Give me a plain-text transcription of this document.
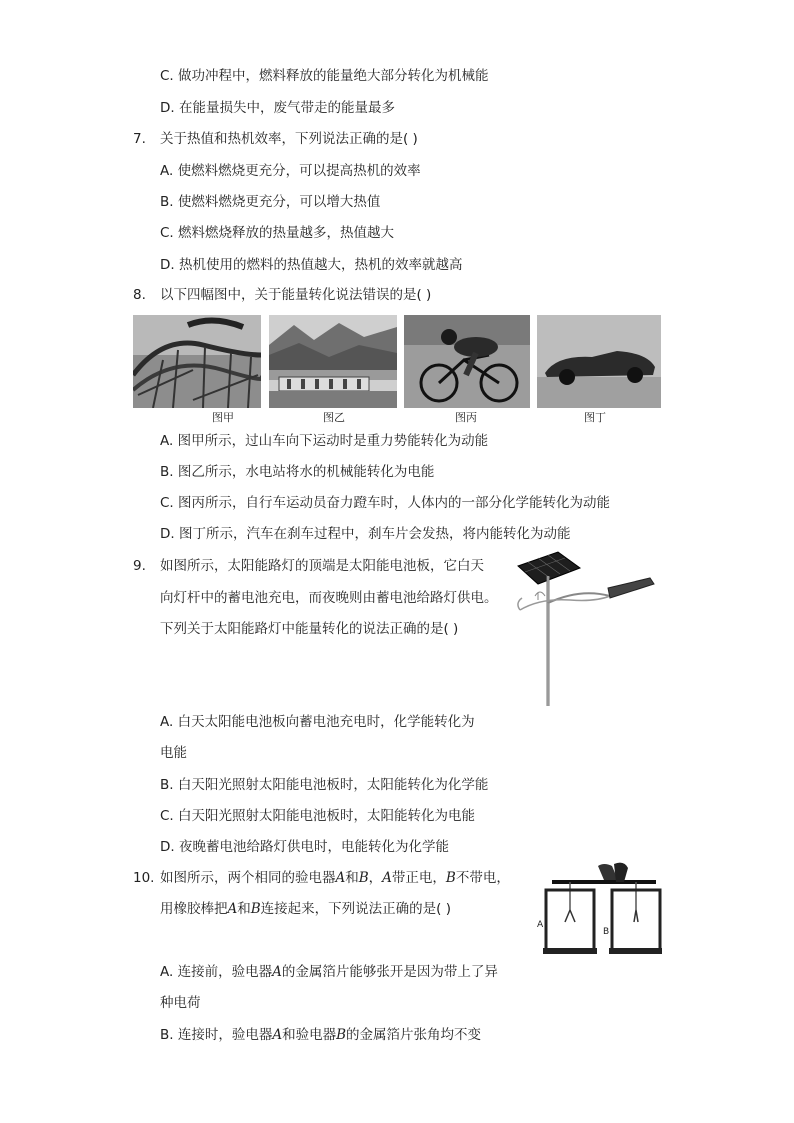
C. 做功冲程中，燃料释放的能量绝大部分转化为机械能
D. 在能量损失中，废气带走的能量最多
7. 关于热值和热机效率，下列说法正确的是( )
A. 使燃料燃烧更充分，可以提高热机的效率
B. 使燃料燃烧更充分，可以增大热值
C. 燃料燃烧释放的热量越多，热值越大
D. 热机使用的燃料的热值越大，热机的效率就越高
8. 以下四幅图中，关于能量转化说法错误的是( )
图甲	图乙	图丙	图丁
A. 图甲所示，过山车向下运动时是重力势能转化为动能
B. 图乙所示，水电站将水的机械能转化为电能
C. 图丙所示，自行车运动员奋力蹬车时，人体内的一部分化学能转化为动能
D. 图丁所示，汽车在刹车过程中，刹车片会发热，将内能转化为动能
9. 如图所示，太阳能路灯的顶端是太阳能电池板，它白天
向灯杆中的蓄电池充电，而夜晚则由蓄电池给路灯供电。
下列关于太阳能路灯中能量转化的说法正确的是( )
A. 白天太阳能电池板向蓄电池充电时，化学能转化为
电能
B. 白天阳光照射太阳能电池板时，太阳能转化为化学能
C. 白天阳光照射太阳能电池板时，太阳能转化为电能
D. 夜晚蓄电池给路灯供电时，电能转化为化学能
10. 如图所示，两个相同的验电器A和B，A带正电，B不带电，
用橡胶棒把A和B连接起来，下列说法正确的是( )
A
B
A. 连接前，验电器A的金属箔片能够张开是因为带上了异
种电荷
B. 连接时，验电器A和验电器B的金属箔片张角均不变
